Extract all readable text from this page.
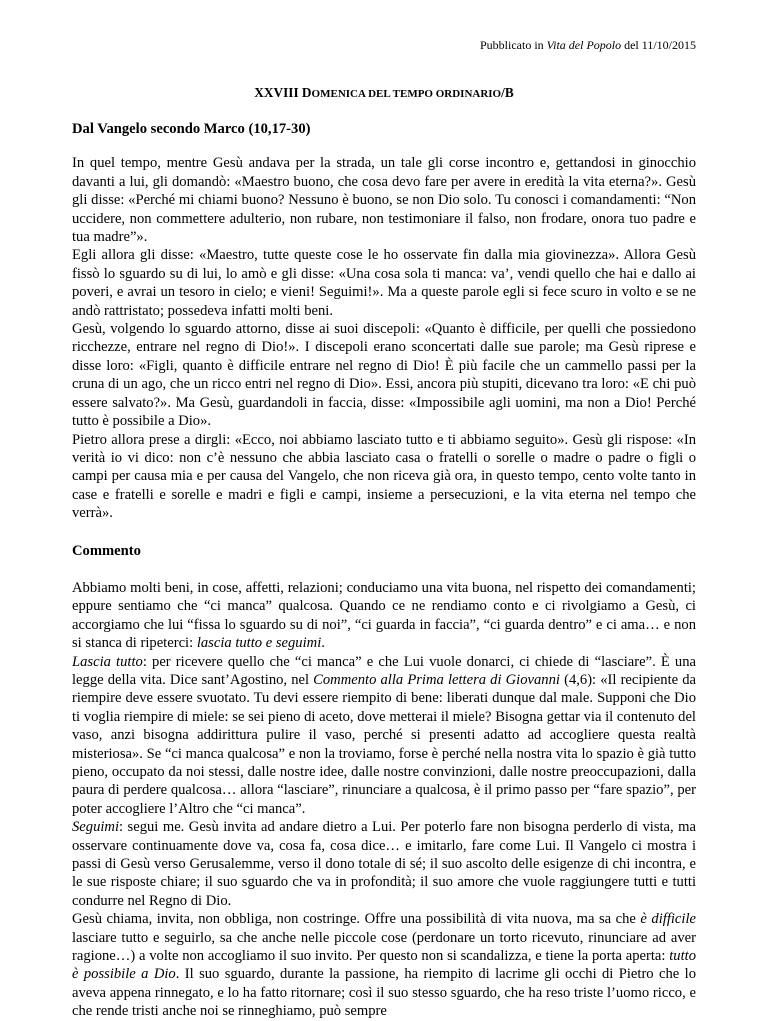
Pubblicato in Vita del Popolo del 11/10/2015
XXVIII DOMENICA DEL TEMPO ORDINARIO/B
Dal Vangelo secondo Marco (10,17-30)

In quel tempo, mentre Gesù andava per la strada, un tale gli corse incontro e, gettandosi in ginocchio davanti a lui, gli domandò: «Maestro buono, che cosa devo fare per avere in eredità la vita eterna?». Gesù gli disse: «Perché mi chiami buono? Nessuno è buono, se non Dio solo. Tu conosci i comandamenti: “Non uccidere, non commettere adulterio, non rubare, non testimoniare il falso, non frodare, onora tuo padre e tua madre”».

Egli allora gli disse: «Maestro, tutte queste cose le ho osservate fin dalla mia giovinezza». Allora Gesù fissò lo sguardo su di lui, lo amò e gli disse: «Una cosa sola ti manca: va’, vendi quello che hai e dallo ai poveri, e avrai un tesoro in cielo; e vieni! Seguimi!». Ma a queste parole egli si fece scuro in volto e se ne andò rattristato; possedeva infatti molti beni.

Gesù, volgendo lo sguardo attorno, disse ai suoi discepoli: «Quanto è difficile, per quelli che possiedono ricchezze, entrare nel regno di Dio!». I discepoli erano sconcertati dalle sue parole; ma Gesù riprese e disse loro: «Figli, quanto è difficile entrare nel regno di Dio! È più facile che un cammello passi per la cruna di un ago, che un ricco entri nel regno di Dio». Essi, ancora più stupiti, dicevano tra loro: «E chi può essere salvato?». Ma Gesù, guardandoli in faccia, disse: «Impossibile agli uomini, ma non a Dio! Perché tutto è possibile a Dio».

Pietro allora prese a dirgli: «Ecco, noi abbiamo lasciato tutto e ti abbiamo seguito». Gesù gli rispose: «In verità io vi dico: non c’è nessuno che abbia lasciato casa o fratelli o sorelle o madre o padre o figli o campi per causa mia e per causa del Vangelo, che non riceva già ora, in questo tempo, cento volte tanto in case e fratelli e sorelle e madri e figli e campi, insieme a persecuzioni, e la vita eterna nel tempo che verrà».

Commento

Abbiamo molti beni, in cose, affetti, relazioni; conduciamo una vita buona, nel rispetto dei comandamenti; eppure sentiamo che “ci manca” qualcosa. Quando ce ne rendiamo conto e ci rivolgiamo a Gesù, ci accorgiamo che lui “fissa lo sguardo su di noi”, “ci guarda in faccia”, “ci guarda dentro” e ci ama… e non si stanca di ripeterci: lascia tutto e seguimi.

Lascia tutto: per ricevere quello che “ci manca” e che Lui vuole donarci, ci chiede di “lasciare”. È una legge della vita. Dice sant’Agostino, nel Commento alla Prima lettera di Giovanni (4,6): «Il recipiente da riempire deve essere svuotato. Tu devi essere riempito di bene: liberati dunque dal male. Supponi che Dio ti voglia riempire di miele: se sei pieno di aceto, dove metterai il miele? Bisogna gettar via il contenuto del vaso, anzi bisogna addirittura pulire il vaso, perché si presenti adatto ad accogliere questa realtà misteriosa». Se “ci manca qualcosa” e non la troviamo, forse è perché nella nostra vita lo spazio è già tutto pieno, occupato da noi stessi, dalle nostre idee, dalle nostre convinzioni, dalle nostre preoccupazioni, dalla paura di perdere qualcosa… allora “lasciare”, rinunciare a qualcosa, è il primo passo per “fare spazio”, per poter accogliere l’Altro che “ci manca”.

Seguimi: segui me. Gesù invita ad andare dietro a Lui. Per poterlo fare non bisogna perderlo di vista, ma osservare continuamente dove va, cosa fa, cosa dice… e imitarlo, fare come Lui. Il Vangelo ci mostra i passi di Gesù verso Gerusalemme, verso il dono totale di sé; il suo ascolto delle esigenze di chi incontra, e le sue risposte chiare; il suo sguardo che va in profondità; il suo amore che vuole raggiungere tutti e tutti condurre nel Regno di Dio.

Gesù chiama, invita, non obbliga, non costringe. Offre una possibilità di vita nuova, ma sa che è difficile lasciare tutto e seguirlo, sa che anche nelle piccole cose (perdonare un torto ricevuto, rinunciare ad aver ragione…) a volte non accogliamo il suo invito. Per questo non si scandalizza, e tiene la porta aperta: tutto è possibile a Dio. Il suo sguardo, durante la passione, ha riempito di lacrime gli occhi di Pietro che lo aveva appena rinnegato, e lo ha fatto ritornare; così il suo stesso sguardo, che ha reso triste l’uomo ricco, e che rende tristi anche noi se rinneghiamo, può sempre
